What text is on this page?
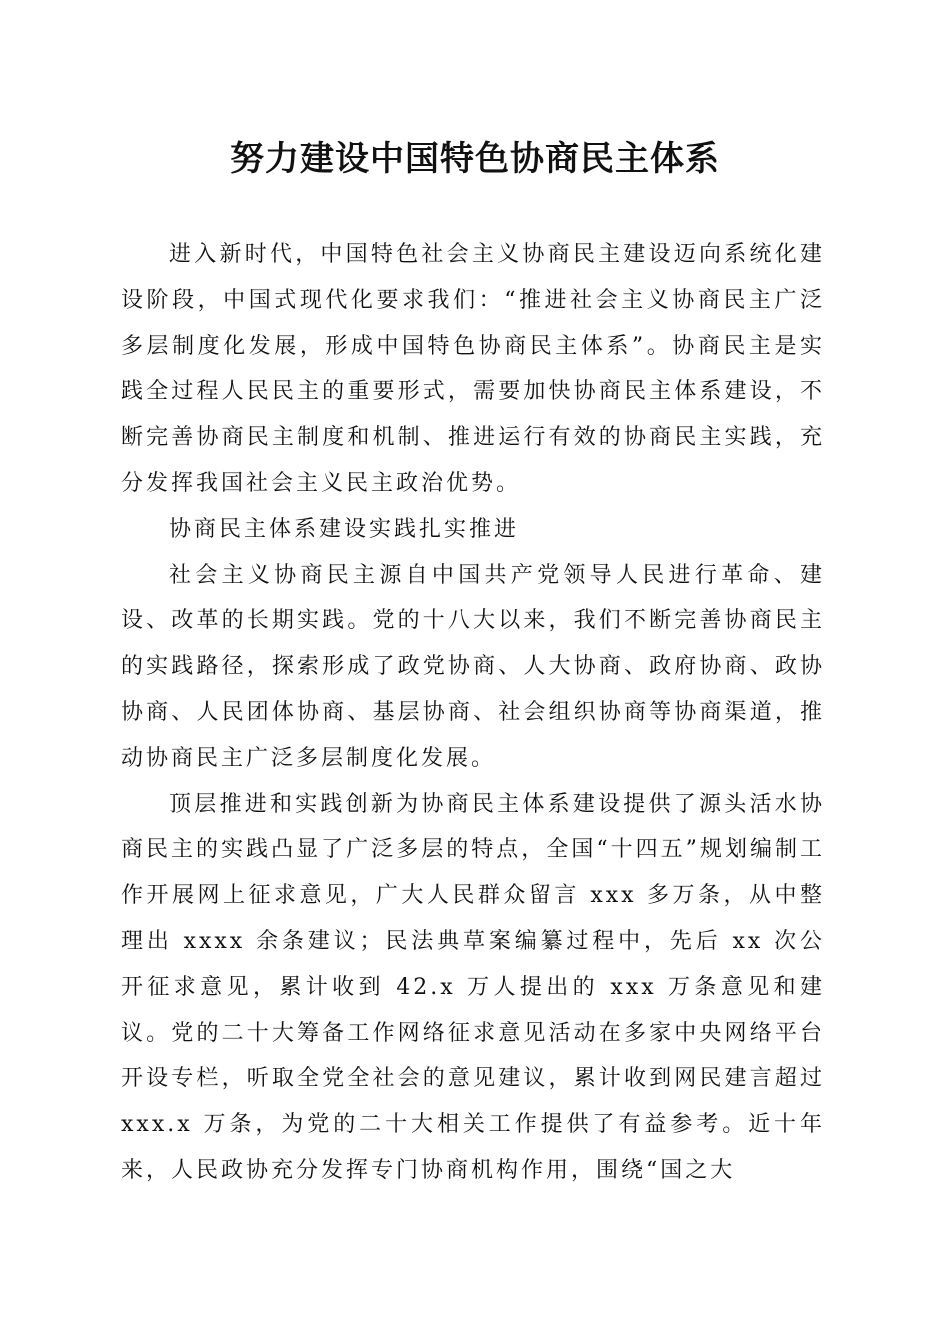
努力建设中国特色协商民主体系

进入新时代，中国特色社会主义协商民主建设迈向系统化建设阶段，中国式现代化要求我们：“推进社会主义协商民主广泛多层制度化发展，形成中国特色协商民主体系”。协商民主是实践全过程人民民主的重要形式，需要加快协商民主体系建设，不断完善协商民主制度和机制、推进运行有效的协商民主实践，充分发挥我国社会主义民主政治优势。

协商民主体系建设实践扎实推进

社会主义协商民主源自中国共产党领导人民进行革命、建设、改革的长期实践。党的十八大以来，我们不断完善协商民主的实践路径，探索形成了政党协商、人大协商、政府协商、政协协商、人民团体协商、基层协商、社会组织协商等协商渠道，推动协商民主广泛多层制度化发展。

顶层推进和实践创新为协商民主体系建设提供了源头活水协商民主的实践凸显了广泛多层的特点，全国“十四五”规划编制工作开展网上征求意见，广大人民群众留言 xxx 多万条，从中整理出 xxxx 余条建议；民法典草案编纂过程中，先后 xx 次公开征求意见，累计收到 42.x 万人提出的 xxx 万条意见和建议。党的二十大筹备工作网络征求意见活动在多家中央网络平台开设专栏，听取全党全社会的意见建议，累计收到网民建言超过 xxx.x 万条，为党的二十大相关工作提供了有益参考。近十年来，人民政协充分发挥专门协商机构作用，围绕“国之大
